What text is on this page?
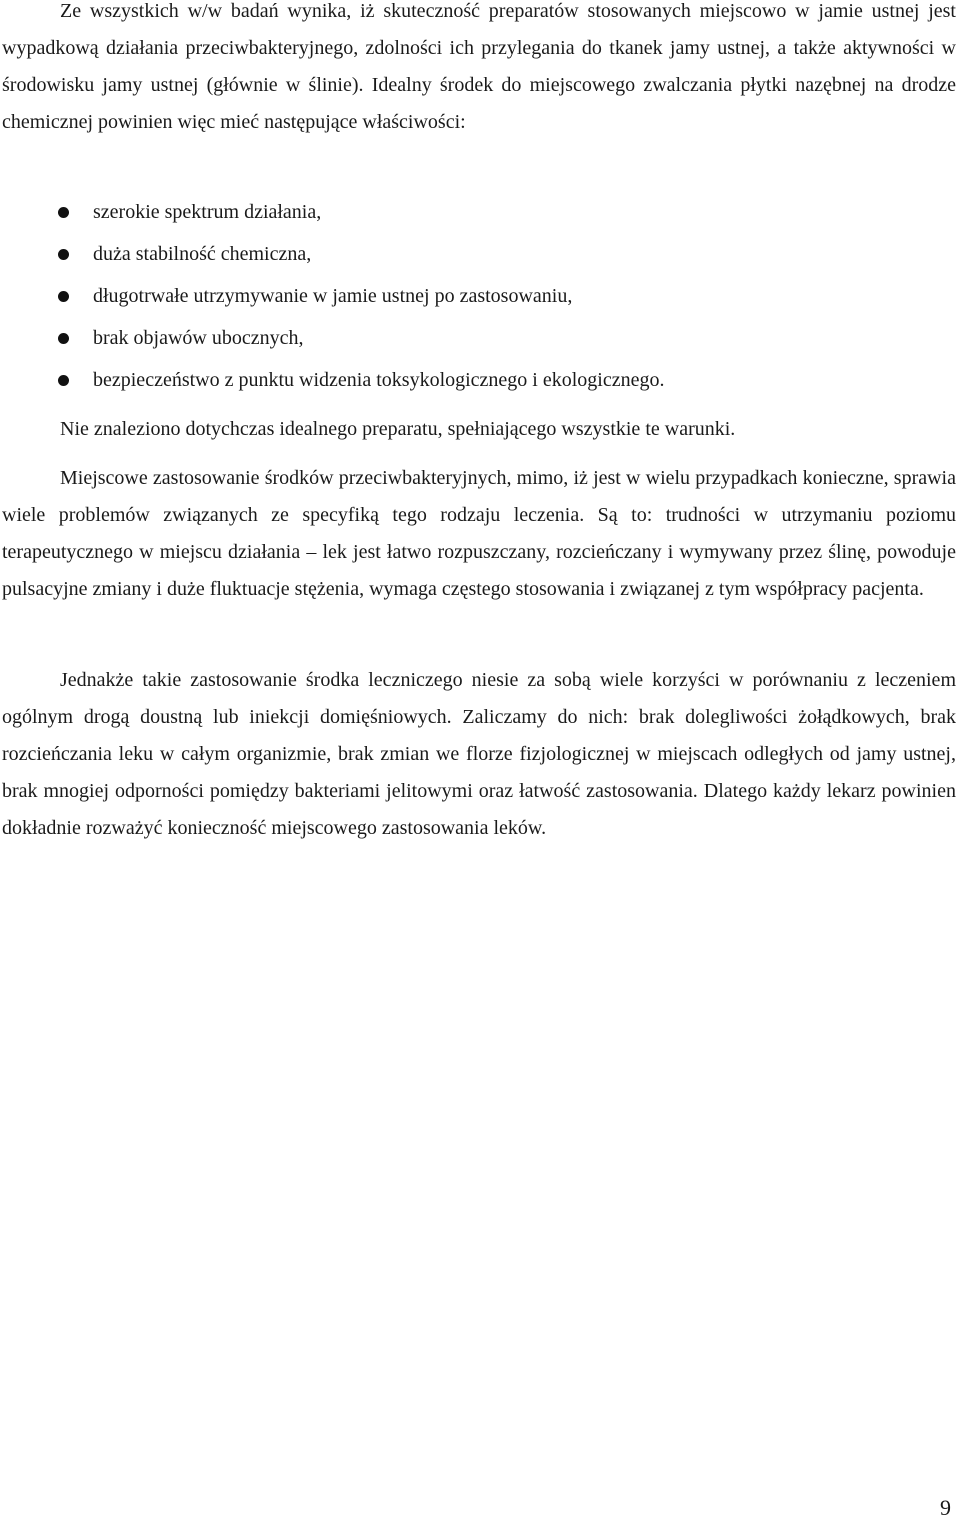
Ze wszystkich w/w badań wynika, iż skuteczność preparatów stosowanych miejscowo w jamie ustnej jest wypadkową działania przeciwbakteryjnego, zdolności ich przylegania do tkanek jamy ustnej, a także aktywności w środowisku jamy ustnej (głównie w ślinie). Idealny środek do miejscowego zwalczania płytki nazębnej na drodze chemicznej powinien więc mieć następujące właściwości:

szerokie spektrum działania,
duża stabilność chemiczna,
długotrwałe utrzymywanie w jamie ustnej po zastosowaniu,
brak objawów ubocznych,
bezpieczeństwo z punktu widzenia toksykologicznego i ekologicznego.

Nie znaleziono dotychczas idealnego preparatu, spełniającego wszystkie te warunki.

Miejscowe zastosowanie środków przeciwbakteryjnych, mimo, iż jest w wielu przypadkach konieczne, sprawia wiele problemów związanych ze specyfiką tego rodzaju leczenia. Są to: trudności w utrzymaniu poziomu terapeutycznego w miejscu działania – lek jest łatwo rozpuszczany, rozcieńczany i wymywany przez ślinę, powoduje pulsacyjne zmiany i duże fluktuacje stężenia, wymaga częstego stosowania i związanej z tym współpracy pacjenta.

Jednakże takie zastosowanie środka leczniczego niesie za sobą wiele korzyści w porównaniu z leczeniem ogólnym drogą doustną lub iniekcji domięśniowych. Zaliczamy do nich: brak dolegliwości żołądkowych, brak rozcieńczania leku w całym organizmie, brak zmian we florze fizjologicznej w miejscach odległych od jamy ustnej, brak mnogiej odporności pomiędzy bakteriami jelitowymi oraz łatwość zastosowania. Dlatego każdy lekarz powinien dokładnie rozważyć konieczność miejscowego zastosowania leków.

9
